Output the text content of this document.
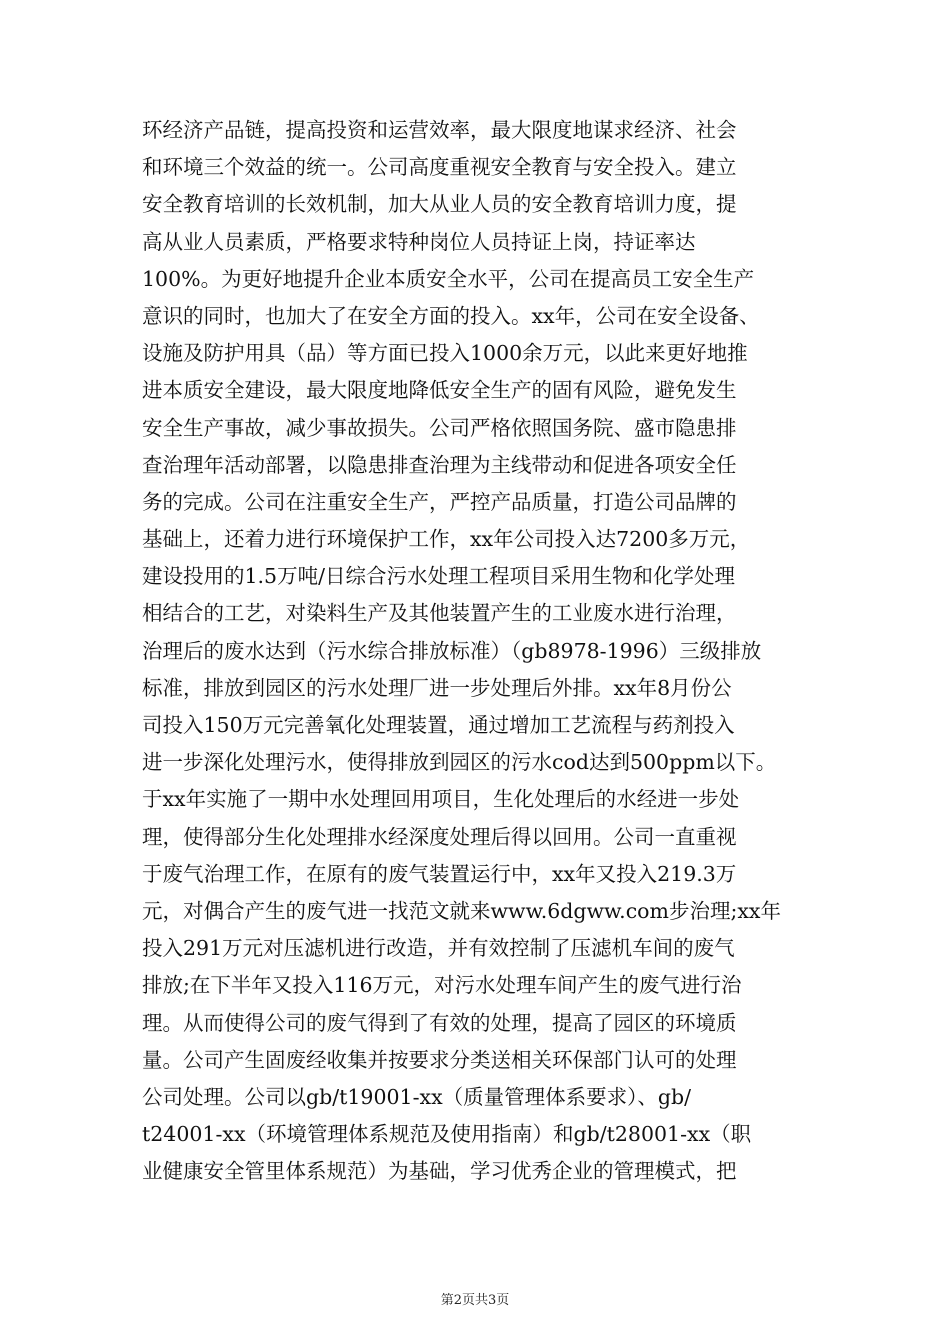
环经济产品链，提高投资和运营效率，最大限度地谋求经济、社会
和环境三个效益的统一。公司高度重视安全教育与安全投入。建立
安全教育培训的长效机制，加大从业人员的安全教育培训力度，提
高从业人员素质，严格要求特种岗位人员持证上岗，持证率达
100%。为更好地提升企业本质安全水平，公司在提高员工安全生产
意识的同时，也加大了在安全方面的投入。xx年，公司在安全设备、
设施及防护用具（品）等方面已投入1000余万元，以此来更好地推
进本质安全建设，最大限度地降低安全生产的固有风险，避免发生
安全生产事故，减少事故损失。公司严格依照国务院、盛市隐患排
查治理年活动部署，以隐患排查治理为主线带动和促进各项安全任
务的完成。公司在注重安全生产，严控产品质量，打造公司品牌的
基础上，还着力进行环境保护工作，xx年公司投入达7200多万元，
建设投用的1.5万吨/日综合污水处理工程项目采用生物和化学处理
相结合的工艺，对染料生产及其他装置产生的工业废水进行治理，
治理后的废水达到（污水综合排放标准）（gb8978-1996）三级排放
标准，排放到园区的污水处理厂进一步处理后外排。xx年8月份公
司投入150万元完善氧化处理装置，通过增加工艺流程与药剂投入
进一步深化处理污水，使得排放到园区的污水cod达到500ppm以下。
于xx年实施了一期中水处理回用项目，生化处理后的水经进一步处
理，使得部分生化处理排水经深度处理后得以回用。公司一直重视
于废气治理工作，在原有的废气装置运行中，xx年又投入219.3万
元，对偶合产生的废气进一找范文就来www.6dgww.com步治理;xx年
投入291万元对压滤机进行改造，并有效控制了压滤机车间的废气
排放;在下半年又投入116万元，对污水处理车间产生的废气进行治
理。从而使得公司的废气得到了有效的处理，提高了园区的环境质
量。公司产生固废经收集并按要求分类送相关环保部门认可的处理
公司处理。公司以gb/t19001-xx（质量管理体系要求）、gb/
t24001-xx（环境管理体系规范及使用指南）和gb/t28001-xx（职
业健康安全管里体系规范）为基础，学习优秀企业的管理模式，把
第2页共3页
